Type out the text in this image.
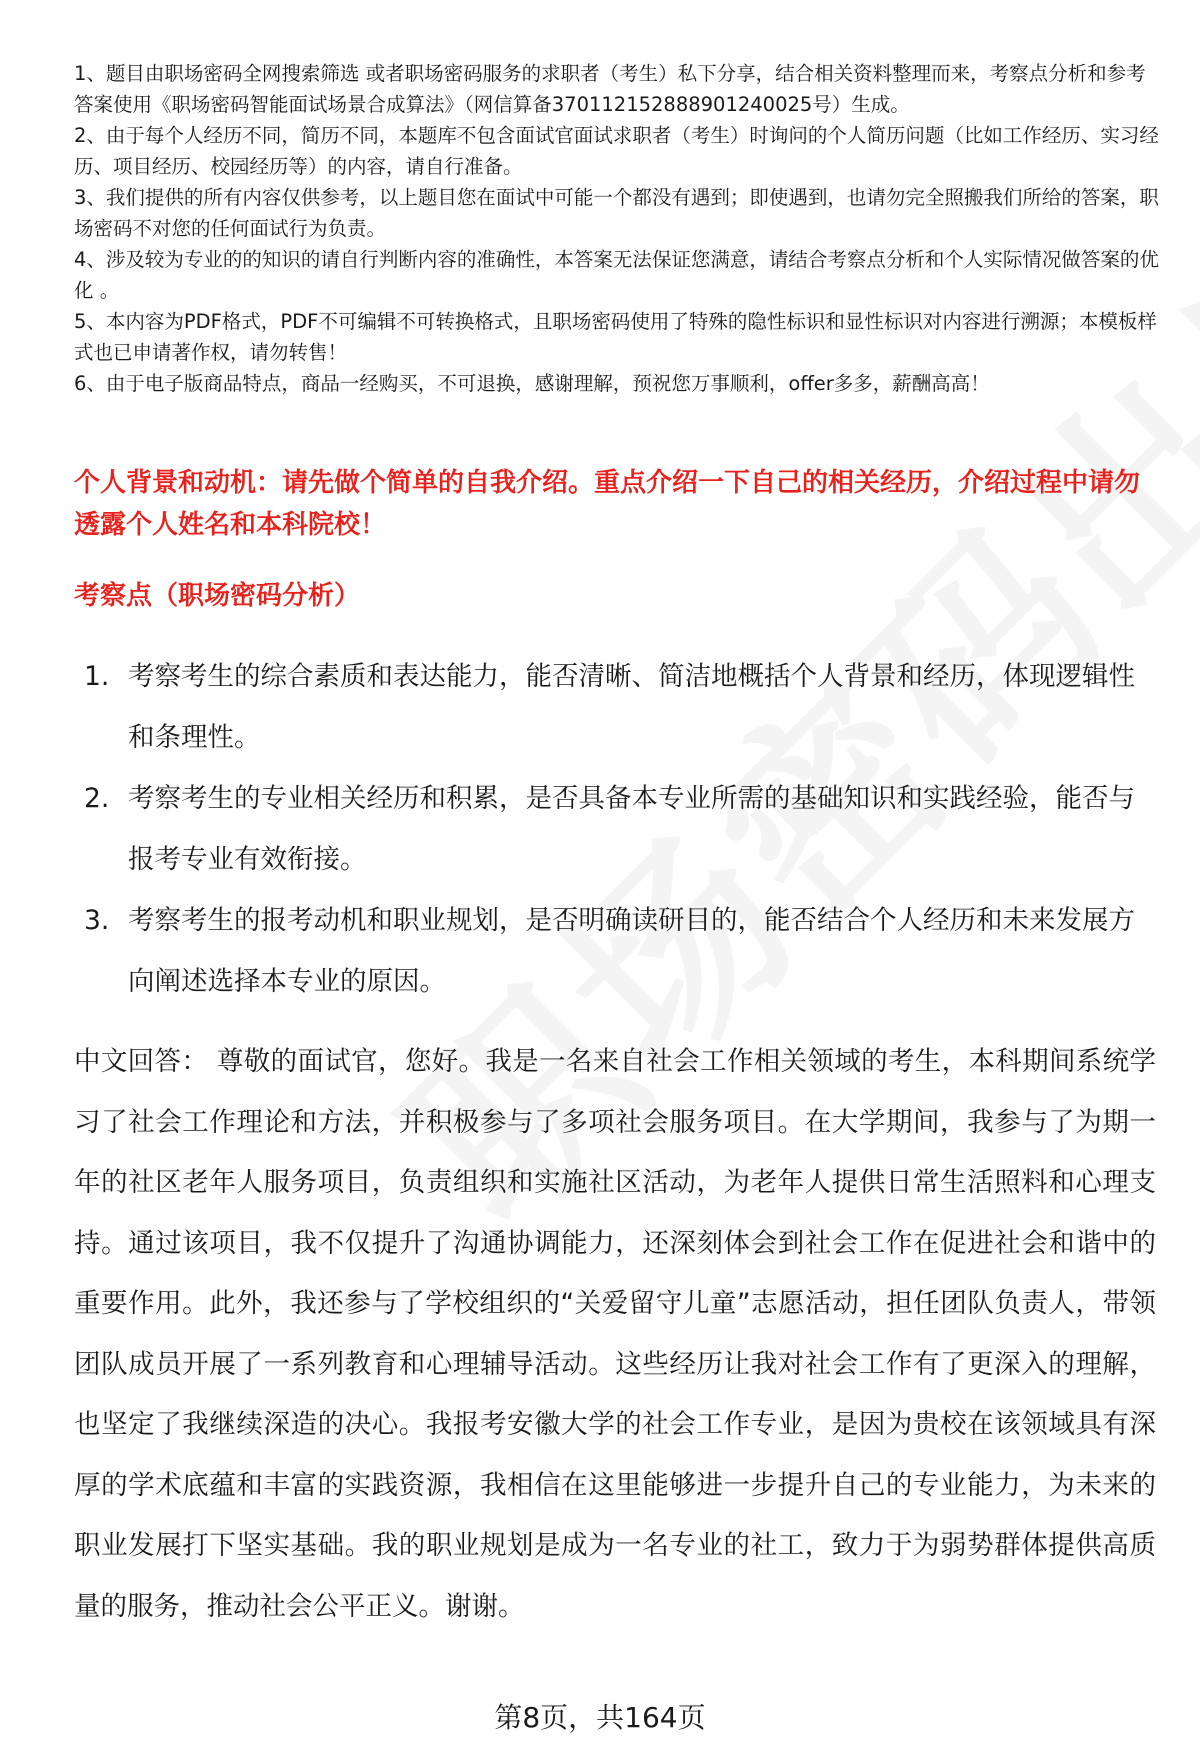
1、题目由职场密码全网搜索筛选 或者职场密码服务的求职者（考生）私下分享，结合相关资料整理而来，考察点分析和参考答案使用《职场密码智能面试场景合成算法》（网信算备370112152888901240025号）生成。

2、由于每个人经历不同，简历不同，本题库不包含面试官面试求职者（考生）时询问的个人简历问题（比如工作经历、实习经历、项目经历、校园经历等）的内容，请自行准备。

3、我们提供的所有内容仅供参考，以上题目您在面试中可能一个都没有遇到；即使遇到，也请勿完全照搬我们所给的答案，职场密码不对您的任何面试行为负责。

4、涉及较为专业的的知识的请自行判断内容的准确性，本答案无法保证您满意，请结合考察点分析和个人实际情况做答案的优化 。

5、本内容为PDF格式，PDF不可编辑不可转换格式，且职场密码使用了特殊的隐性标识和显性标识对内容进行溯源；本模板样式也已申请著作权，请勿转售！

6、由于电子版商品特点，商品一经购买，不可退换，感谢理解，预祝您万事顺利，offer多多，薪酬高高！

个人背景和动机：请先做个简单的自我介绍。重点介绍一下自己的相关经历，介绍过程中请勿透露个人姓名和本科院校！

考察点（职场密码分析）

1. 考察考生的综合素质和表达能力，能否清晰、简洁地概括个人背景和经历，体现逻辑性和条理性。
2. 考察考生的专业相关经历和积累，是否具备本专业所需的基础知识和实践经验，能否与报考专业有效衔接。
3. 考察考生的报考动机和职业规划，是否明确读研目的，能否结合个人经历和未来发展方向阐述选择本专业的原因。

中文回答： 尊敬的面试官，您好。我是一名来自社会工作相关领域的考生，本科期间系统学习了社会工作理论和方法，并积极参与了多项社会服务项目。在大学期间，我参与了为期一年的社区老年人服务项目，负责组织和实施社区活动，为老年人提供日常生活照料和心理支持。通过该项目，我不仅提升了沟通协调能力，还深刻体会到社会工作在促进社会和谐中的重要作用。此外，我还参与了学校组织的“关爱留守儿童”志愿活动，担任团队负责人，带领团队成员开展了一系列教育和心理辅导活动。这些经历让我对社会工作有了更深入的理解，也坚定了我继续深造的决心。我报考安徽大学的社会工作专业，是因为贵校在该领域具有深厚的学术底蕴和丰富的实践资源，我相信在这里能够进一步提升自己的专业能力，为未来的职业发展打下坚实基础。我的职业规划是成为一名专业的社工，致力于为弱势群体提供高质量的服务，推动社会公平正义。谢谢。

第8页，共164页
